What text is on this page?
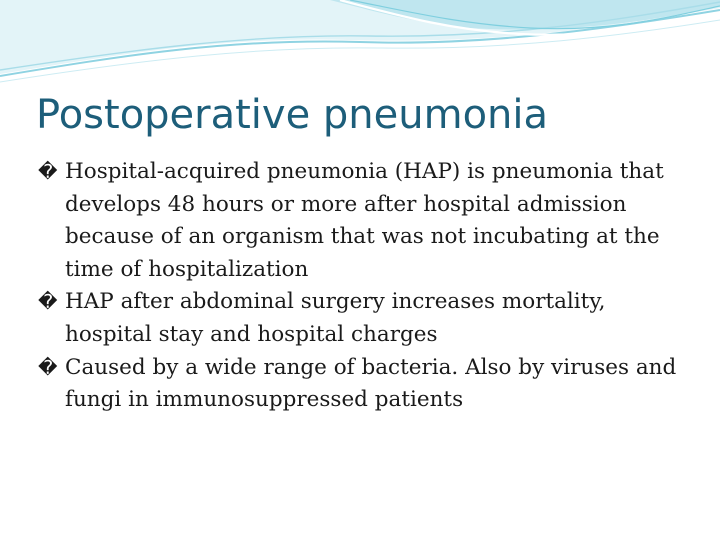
Postoperative pneumonia
� Hospital-acquired pneumonia (HAP) is pneumonia that develops 48 hours or more after hospital admission because of an organism that was not incubating at the time of hospitalization
� HAP after abdominal surgery increases mortality, hospital stay and hospital charges
� Caused by a wide range of bacteria. Also by viruses and fungi in immunosuppressed patients
